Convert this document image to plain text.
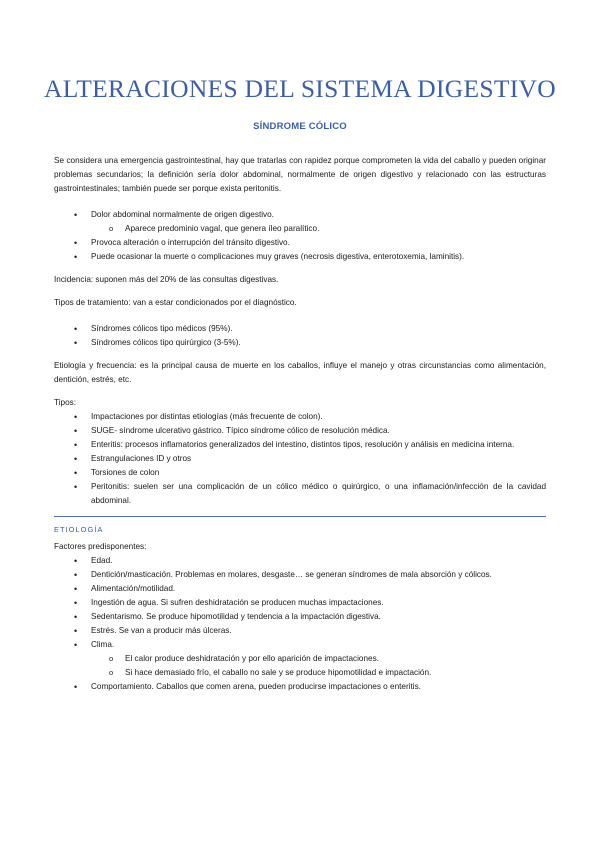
ALTERACIONES DEL SISTEMA DIGESTIVO
SÍNDROME CÓLICO

Se considera una emergencia gastrointestinal, hay que tratarlas con rapidez porque comprometen la vida del caballo y pueden originar problemas secundarios; la definición sería dolor abdominal, normalmente de origen digestivo y relacionado con las estructuras gastrointestinales; también puede ser porque exista peritonitis.

• Dolor abdominal normalmente de origen digestivo.
o Aparece predominio vagal, que genera íleo paralítico.
• Provoca alteración o interrupción del tránsito digestivo.
• Puede ocasionar la muerte o complicaciones muy graves (necrosis digestiva, enterotoxemia, laminitis).

Incidencia: suponen más del 20% de las consultas digestivas.

Tipos de tratamiento: van a estar condicionados por el diagnóstico.

• Síndromes cólicos tipo médicos (95%).
• Síndromes cólicos tipo quirúrgico (3-5%).

Etiología y frecuencia: es la principal causa de muerte en los caballos, influye el manejo y otras circunstancias como alimentación, dentición, estrés, etc.

Tipos:

• Impactaciones por distintas etiologías (más frecuente de colon).
• SUGE- síndrome ulcerativo gástrico. Típico síndrome cólico de resolución médica.
• Enteritis: procesos inflamatorios generalizados del intestino, distintos tipos, resolución y análisis en medicina interna.
• Estrangulaciones ID y otros
• Torsiones de colon
• Peritonitis: suelen ser una complicación de un cólico médico o quirúrgico, o una inflamación/infección de la cavidad abdominal.
ETIOLOGÍA

Factores predisponentes:

• Edad.
• Dentición/masticación. Problemas en molares, desgaste… se generan síndromes de mala absorción y cólicos.
• Alimentación/motilidad.
• Ingestión de agua. Si sufren deshidratación se producen muchas impactaciones.
• Sedentarismo. Se produce hipomotilidad y tendencia a la impactación digestiva.
• Estrés. Se van a producir más úlceras.
• Clima.
o El calor produce deshidratación y por ello aparición de impactaciones.
o Si hace demasiado frío, el caballo no sale y se produce hipomotilidad e impactación.
• Comportamiento. Caballos que comen arena, pueden producirse impactaciones o enteritis.
